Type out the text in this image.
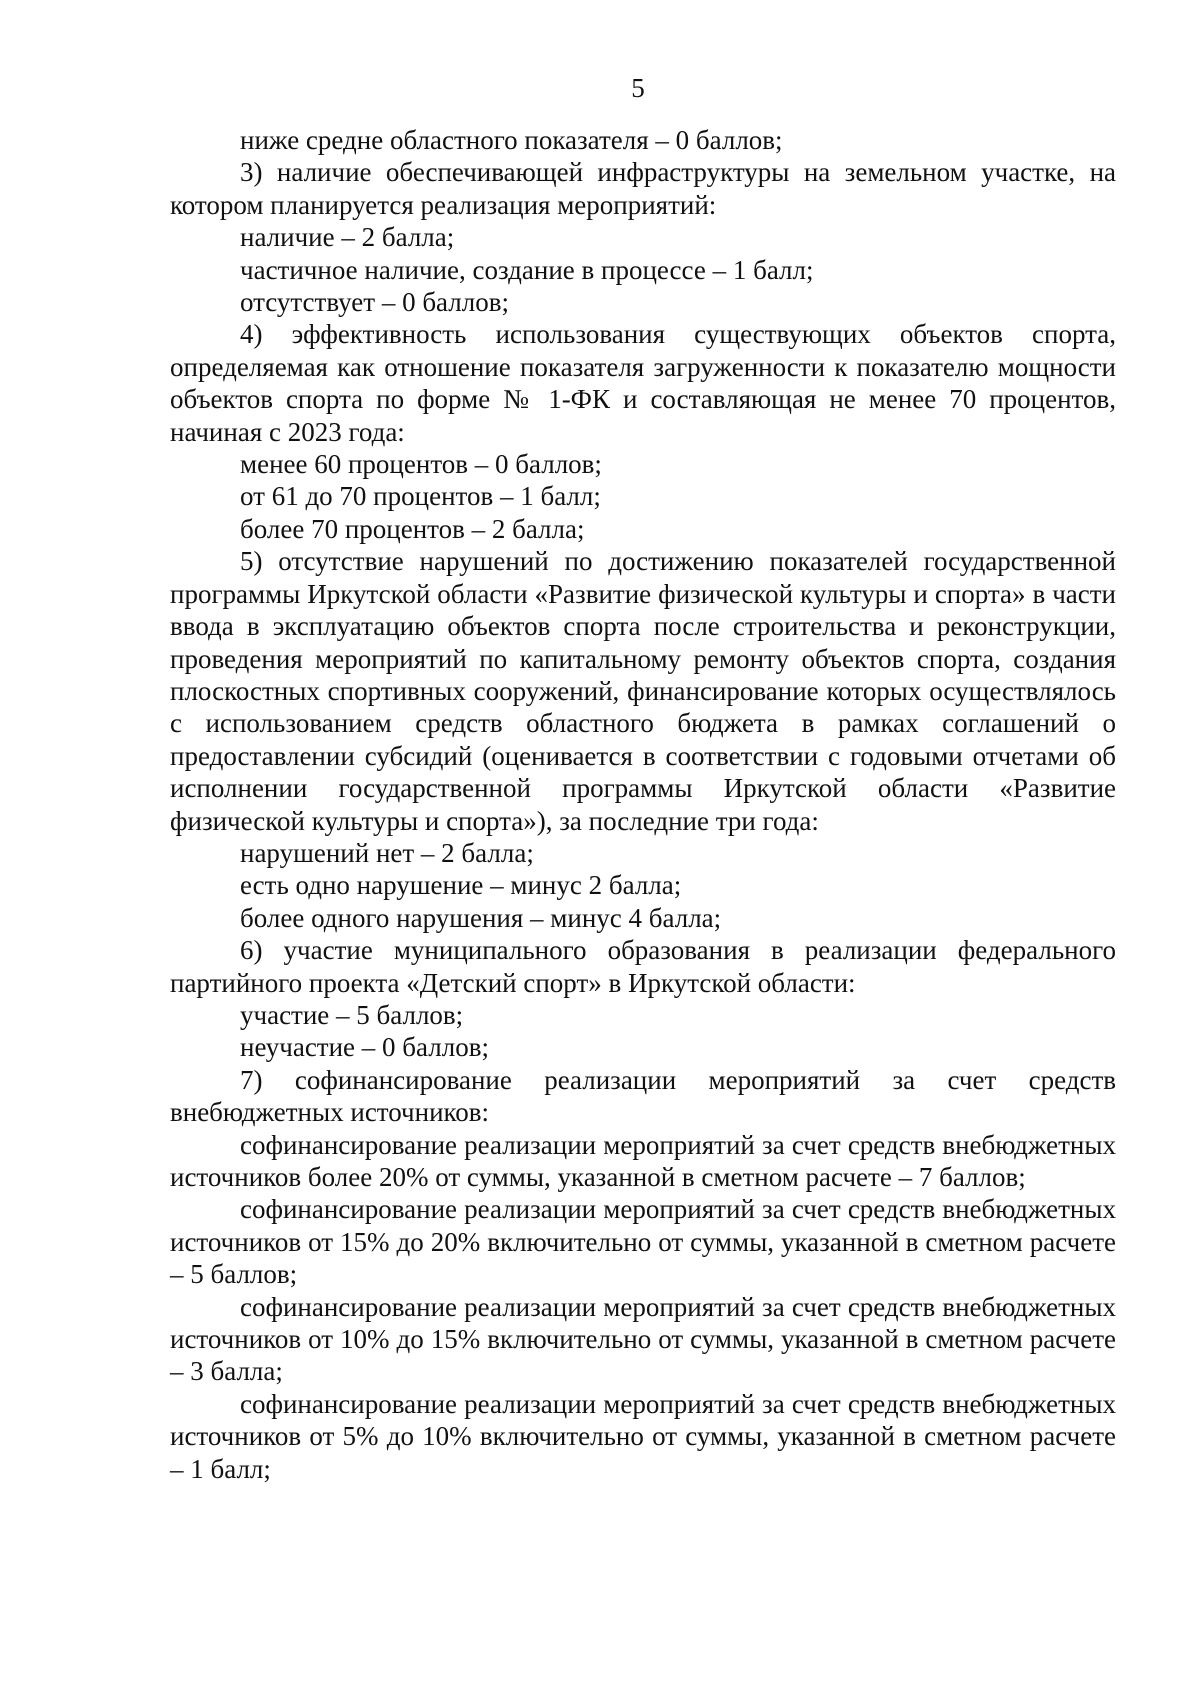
5

ниже средне областного показателя – 0 баллов;

3) наличие обеспечивающей инфраструктуры на земельном участке, на котором планируется реализация мероприятий:

наличие – 2 балла;

частичное наличие, создание в процессе – 1 балл;

отсутствует – 0 баллов;

4) эффективность использования существующих объектов спорта, определяемая как отношение показателя загруженности к показателю мощности объектов спорта по форме № 1-ФК и составляющая не менее 70 процентов, начиная с 2023 года:

менее 60 процентов – 0 баллов;

от 61 до 70 процентов – 1 балл;

более 70 процентов – 2 балла;

5) отсутствие нарушений по достижению показателей государственной программы Иркутской области «Развитие физической культуры и спорта» в части ввода в эксплуатацию объектов спорта после строительства и реконструкции, проведения мероприятий по капитальному ремонту объектов спорта, создания плоскостных спортивных сооружений, финансирование которых осуществлялось с использованием средств областного бюджета в рамках соглашений о предоставлении субсидий (оценивается в соответствии с годовыми отчетами об исполнении государственной программы Иркутской области «Развитие физической культуры и спорта»), за последние три года:

нарушений нет – 2 балла;

есть одно нарушение – минус 2 балла;

более одного нарушения – минус 4 балла;

6) участие муниципального образования в реализации федерального партийного проекта «Детский спорт» в Иркутской области:

участие – 5 баллов;

неучастие – 0 баллов;

7) софинансирование реализации мероприятий за счет средств внебюджетных источников:

софинансирование реализации мероприятий за счет средств внебюджетных источников более 20% от суммы, указанной в сметном расчете – 7 баллов;

софинансирование реализации мероприятий за счет средств внебюджетных источников от 15% до 20% включительно от суммы, указанной в сметном расчете – 5 баллов;

софинансирование реализации мероприятий за счет средств внебюджетных источников от 10% до 15% включительно от суммы, указанной в сметном расчете – 3 балла;

софинансирование реализации мероприятий за счет средств внебюджетных источников от 5% до 10% включительно от суммы, указанной в сметном расчете – 1 балл;
